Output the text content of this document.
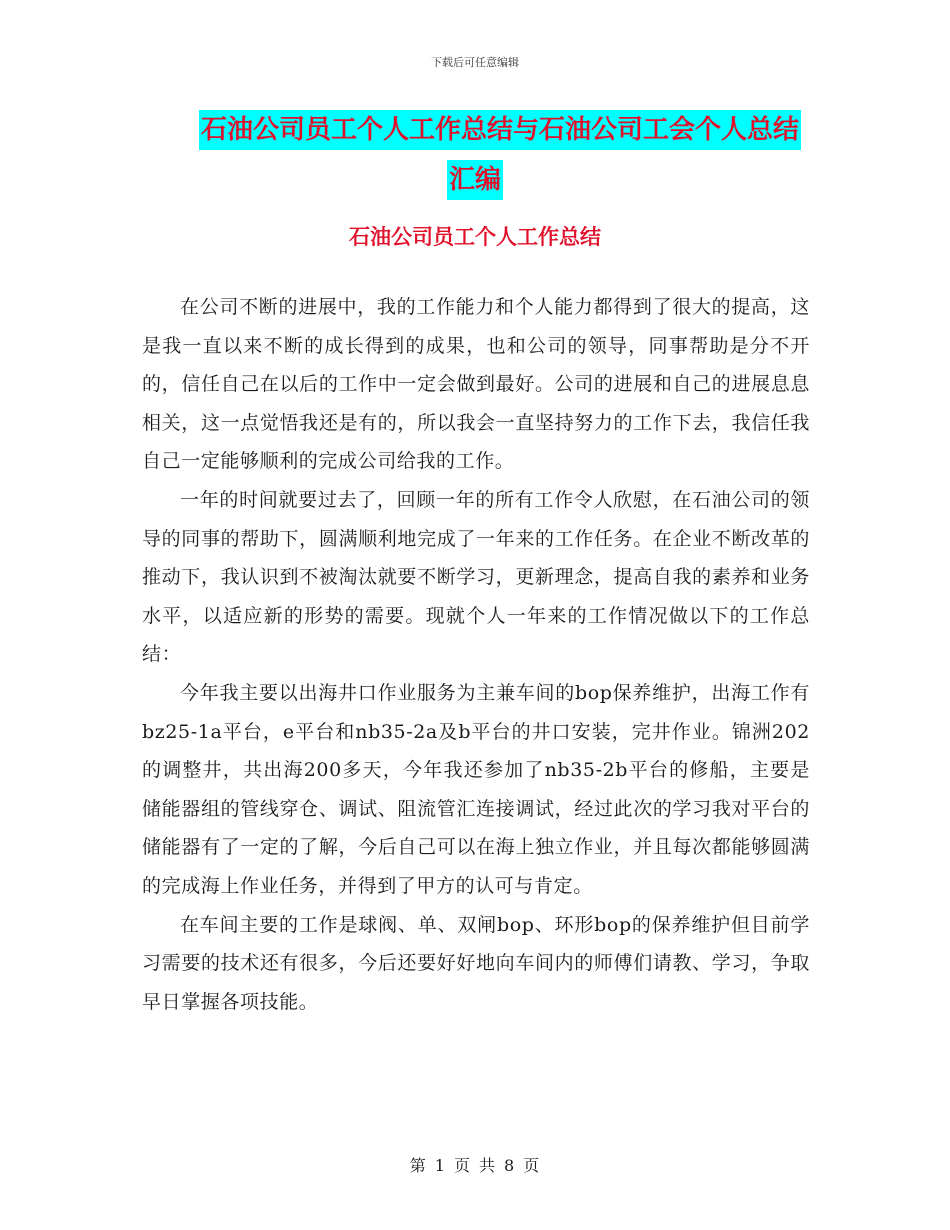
下载后可任意编辑
石油公司员工个人工作总结与石油公司工会个人总结
汇编
石油公司员工个人工作总结

在公司不断的进展中，我的工作能力和个人能力都得到了很大的提高，这是我一直以来不断的成长得到的成果，也和公司的领导，同事帮助是分不开的，信任自己在以后的工作中一定会做到最好。公司的进展和自己的进展息息相关，这一点觉悟我还是有的，所以我会一直坚持努力的工作下去，我信任我自己一定能够顺利的完成公司给我的工作。

一年的时间就要过去了，回顾一年的所有工作令人欣慰，在石油公司的领导的同事的帮助下，圆满顺利地完成了一年来的工作任务。在企业不断改革的推动下，我认识到不被淘汰就要不断学习，更新理念，提高自我的素养和业务水平，以适应新的形势的需要。现就个人一年来的工作情况做以下的工作总结：

今年我主要以出海井口作业服务为主兼车间的bop保养维护，出海工作有bz25-1a平台，e平台和nb35-2a及b平台的井口安装，完井作业。锦洲202的调整井，共出海200多天，今年我还参加了nb35-2b平台的修船，主要是储能器组的管线穿仓、调试、阻流管汇连接调试，经过此次的学习我对平台的储能器有了一定的了解，今后自己可以在海上独立作业，并且每次都能够圆满的完成海上作业任务，并得到了甲方的认可与肯定。

在车间主要的工作是球阀、单、双闸bop、环形bop的保养维护但目前学习需要的技术还有很多，今后还要好好地向车间内的师傅们请教、学习，争取早日掌握各项技能。

第 1 页 共 8 页
